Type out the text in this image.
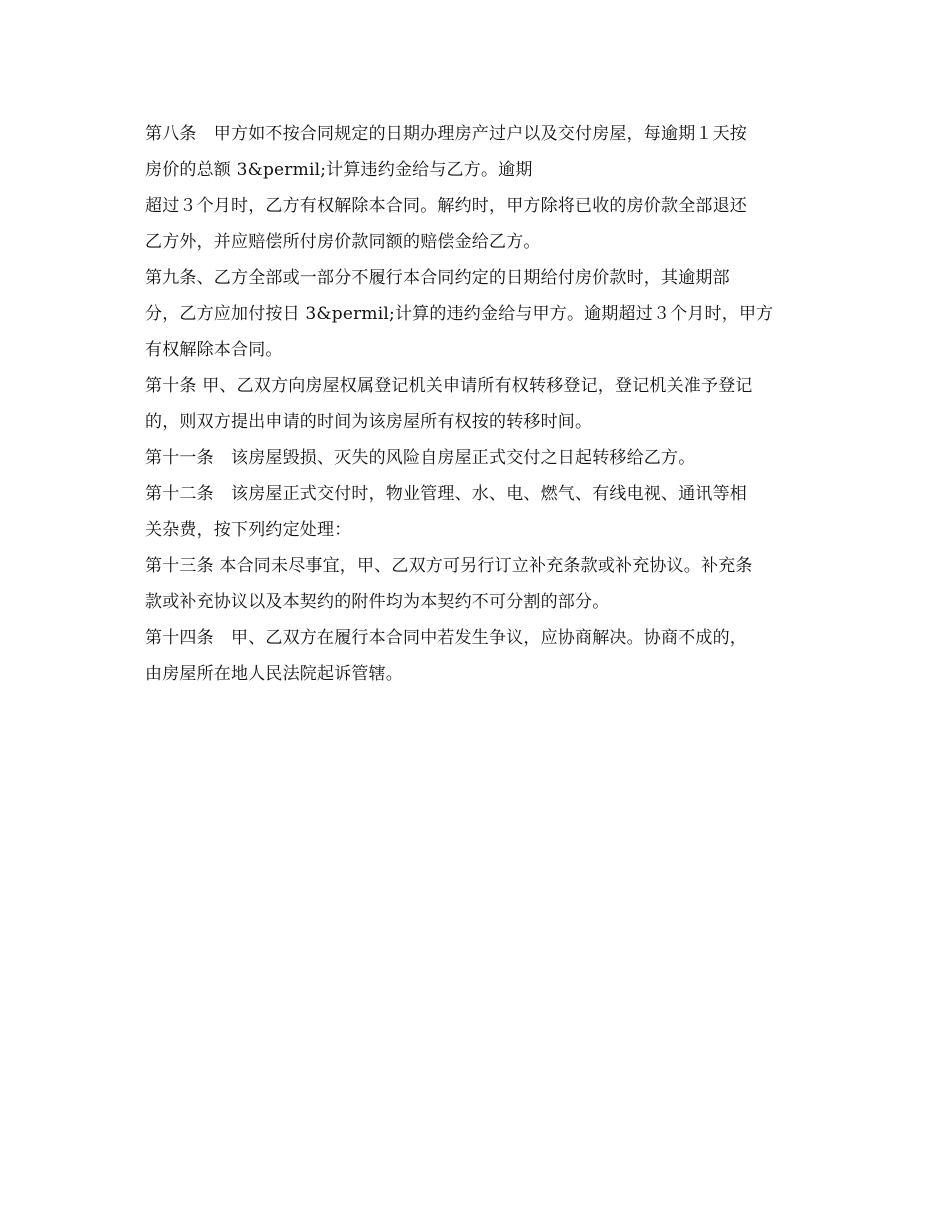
第八条　甲方如不按合同规定的日期办理房产过户以及交付房屋，每逾期１天按
房价的总额 3&permil;计算违约金给与乙方。逾期
超过３个月时，乙方有权解除本合同。解约时，甲方除将已收的房价款全部退还
乙方外，并应赔偿所付房价款同额的赔偿金给乙方。
第九条、乙方全部或一部分不履行本合同约定的日期给付房价款时，其逾期部
分，乙方应加付按日 3&permil;计算的违约金给与甲方。逾期超过３个月时，甲方
有权解除本合同。
第十条 甲、乙双方向房屋权属登记机关申请所有权转移登记，登记机关准予登记
的，则双方提出申请的时间为该房屋所有权按的转移时间。
第十一条　该房屋毁损、灭失的风险自房屋正式交付之日起转移给乙方。
第十二条　该房屋正式交付时，物业管理、水、电、燃气、有线电视、通讯等相
关杂费，按下列约定处理：
第十三条 本合同未尽事宜，甲、乙双方可另行订立补充条款或补充协议。补充条
款或补充协议以及本契约的附件均为本契约不可分割的部分。
第十四条　甲、乙双方在履行本合同中若发生争议，应协商解决。协商不成的，
由房屋所在地人民法院起诉管辖。
